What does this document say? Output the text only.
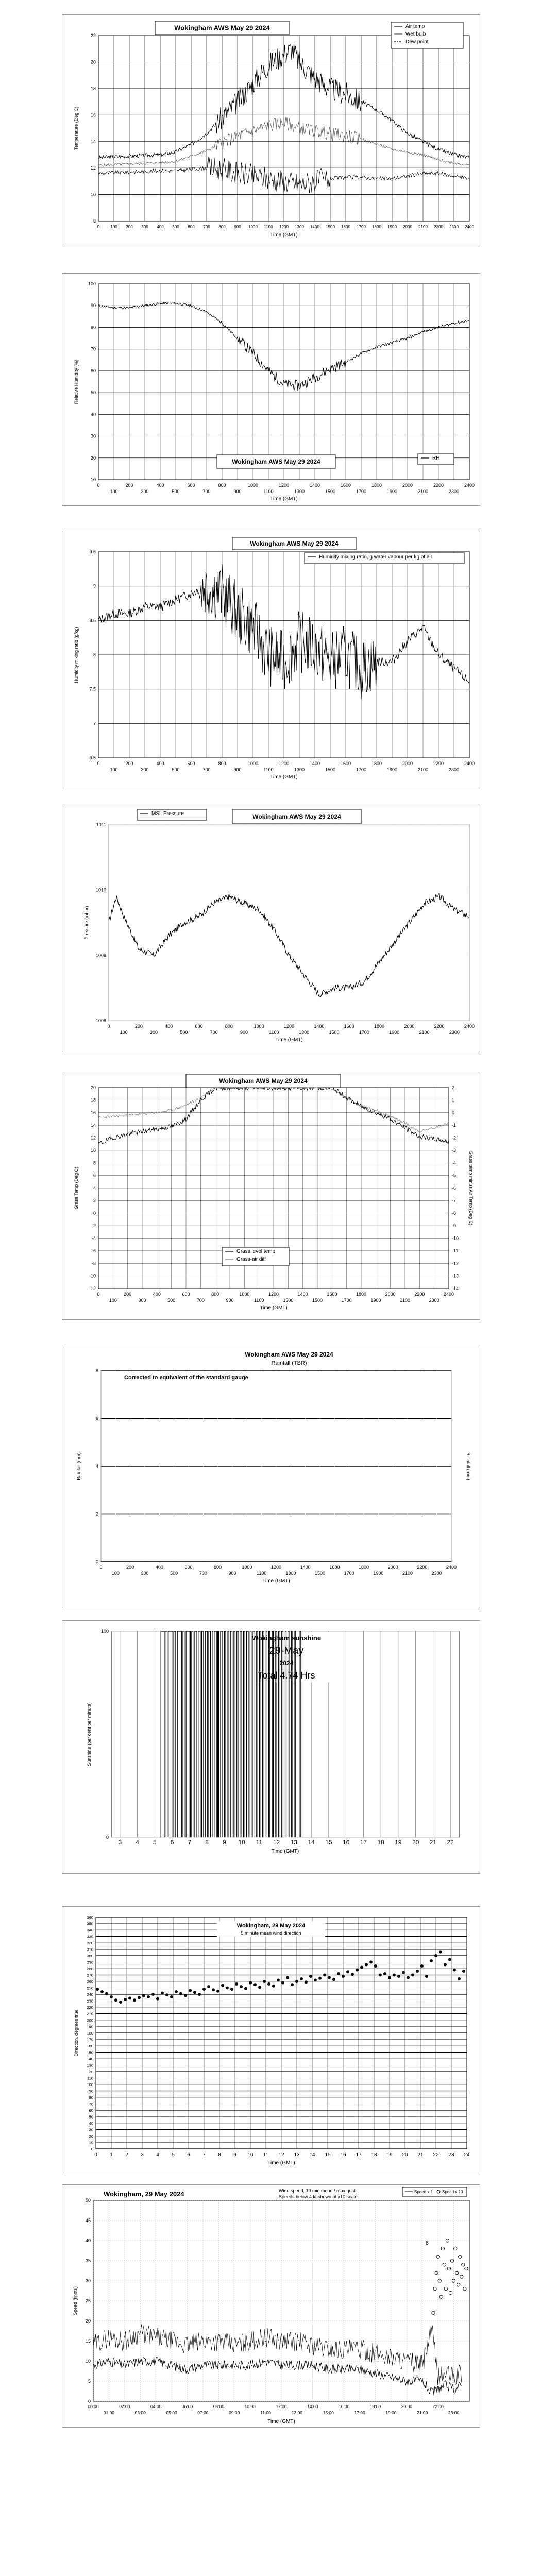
8
10
12
14
16
18
20
22
0	100 200 300 400 500 600 700 800 900 1000 1100 1200 1300 1400 1500 1600 1700 1800 1900 2000 2100 2200 2300 2400
Time (GMT)
Temperature (Deg C)
Wokingham AWS May 29 2024	Air temp
Wet bulb
Dew point
10
20
30
40
50
60
70
80
90
100
0
100
200
300
400
500
600
700
800
900
1000
1100
1200
1300
1400
1500
1600
1700
1800
1900
2000
2100
2200
2300
2400
Time (GMT)
Relative Humidity (%)
Wokingham AWS May 29 2024	RH
6.5
7
7.5
8
8.5
9
9.5
0
100
200
300
400
500
600
700
800
900
1000
1100
1200
1300
1400
1500
1600
1700
1800
1900
2000
2100
2200
2300
2400
Time (GMT)
Humidity mixing ratio (g/kg)
Wokingham AWS May 29 2024
Humidity mixing ratio, g water vapour per kg of air
1008
1009
1010
1011
0
100
200
300
400
500
600
700
800
900
1000
1100
1200
1300
1400
1500
1600
1700
1800
1900
2000
2100
2200
2300
2400
Time (GMT)
Pressure (mbar)
Wokingham AWS May 29 2024
MSL Pressure
-12
-10
-8
-6
-4
-2
0
2
4
6
8
10
12
14
16
18
20
0
100
200
300
400
500
600
700
800
900
1000
1100
1200
1300
1400
1500
1600
1700
1800
1900
2000
2100
2200
2300
2400
Time (GMT)
Grass Temp (Deg C)
Wokingham AWS May 29 2024
-14
-13
-12
-11
-10
-9
-8
-7
-6
-5
-4
-3
-2
-1
0
1
2
Grass temp minus Air Temp (Deg C)
Grass level temp
Grass-air diff
0
2
4
6
8
0
100
200
300
400
500
600
700
800
900
1000
1100
1200
1300
1400
1500
1600
1700
1800
1900
2000
2100
2200
2300
2400
Time (GMT)
Rainfall (mm)
Wokingham AWS May 29 2024
Rainfall (TBR)
Corrected to equivalent of the standard gauge
Rainfall (mm)
0
100
3 4 5 6 7 8 9 10 11 12 13 14 15 16 17 18 19 20 21 22
Time (GMT)
Sunshine (per cent per minute)
Wokingham sunshine
29-May
2024
Total 4.74 Hrs
0
10
20
30
40
50
60
70
80
90
100
110
120
130
140
150
160
170
180
190
200
210
220
230
240
250
260
270
280
290
300
310
320
330
340
350
360
0 1 2 3 4 5 6 7 8 9 10 11 12 13 14 15 16 17 18 19 20 21 22 23 24
Time (GMT)
Direction, degrees true
Wokingham, 29 May 2024
5 minute mean wind direction
0
5
10
15
20
25
30
35
40
45
50
00:00
01:00
02:00
03:00
04:00
05:00
06:00
07:00
08:00
09:00
10:00
11:00
12:00
13:00
14:00
15:00
16:00
17:00
18:00
19:00
20:00
21:00
22:00
23:00
Time (GMT)
Speed (knots)
Wokingham, 29 May 2024	Wind speed, 10 min mean / max gust
Speeds below 4 kt shown at x10 scale
8
Speed x 1 Speed x 10
